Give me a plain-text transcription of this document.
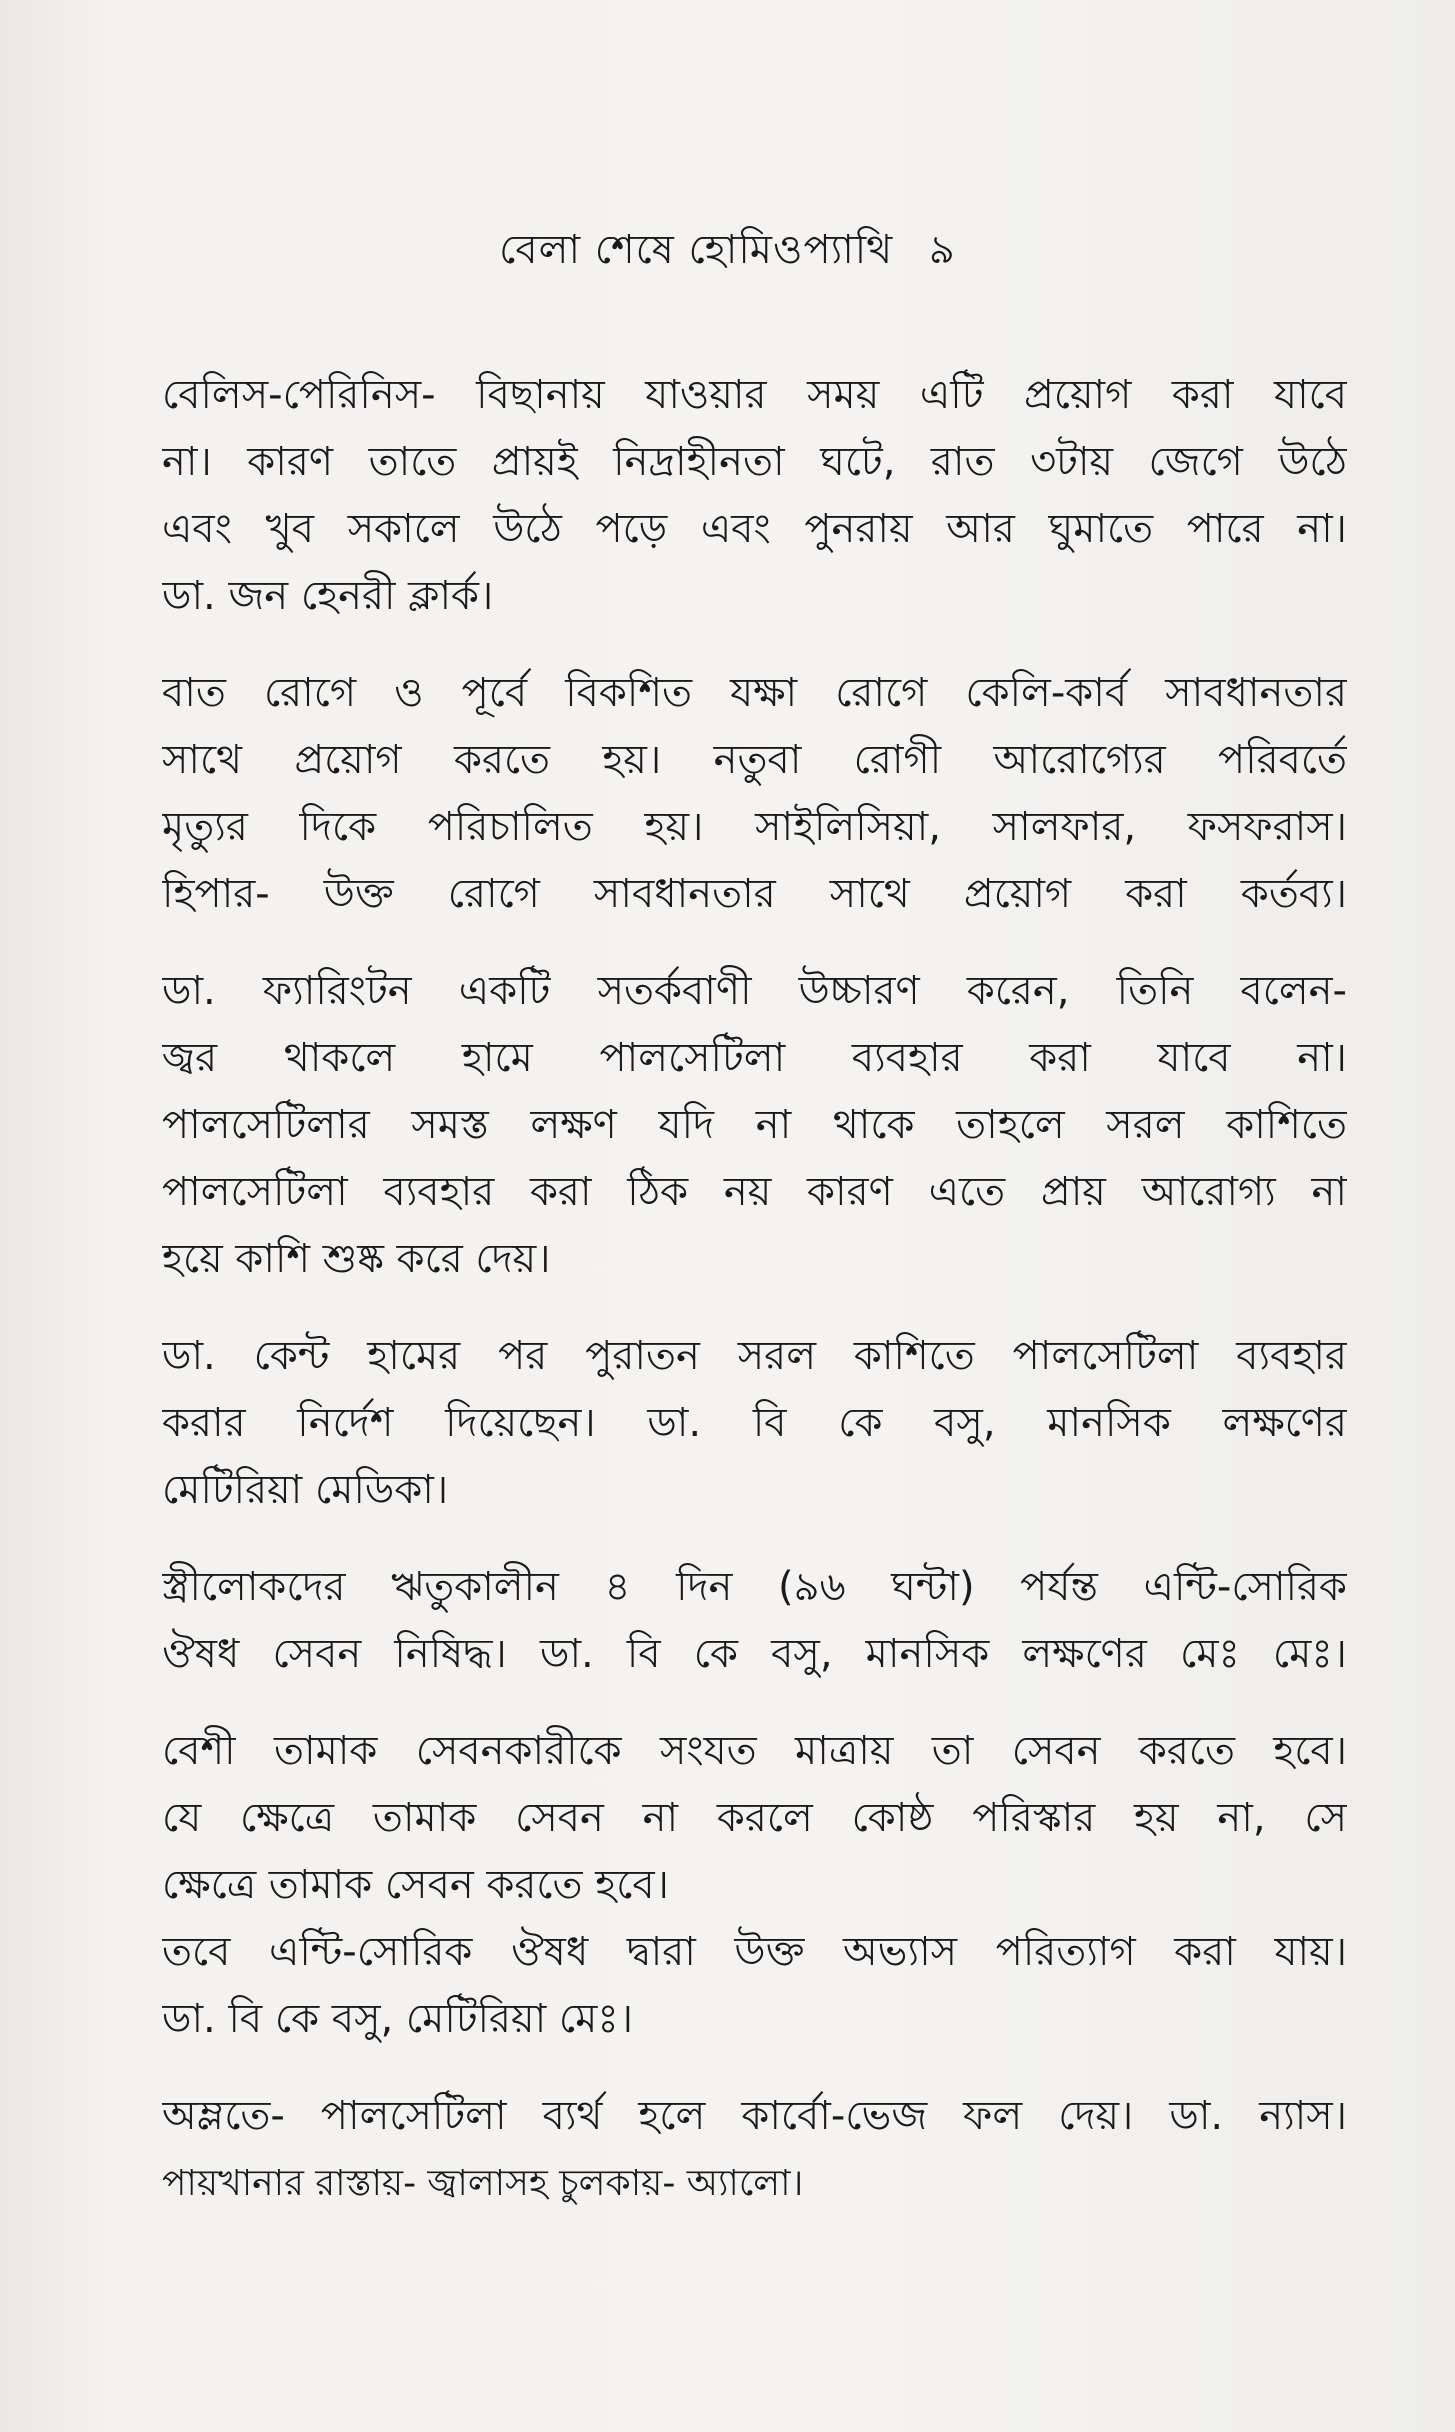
বেলা শেষে হোমিওপ্যাথি ৯
বেলিস-পেরিনিস- বিছানায় যাওয়ার সময় এটি প্রয়োগ করা যাবে
না। কারণ তাতে প্রায়ই নিদ্রাহীনতা ঘটে, রাত ৩টায় জেগে উঠে
এবং খুব সকালে উঠে পড়ে এবং পুনরায় আর ঘুমাতে পারে না।
ডা. জন হেনরী ক্লার্ক।
বাত রোগে ও পূর্বে বিকশিত যক্ষা রোগে কেলি-কার্ব সাবধানতার
সাথে প্রয়োগ করতে হয়। নতুবা রোগী আরোগ্যের পরিবর্তে
মৃত্যুর দিকে পরিচালিত হয়। সাইলিসিয়া, সালফার, ফসফরাস।
হিপার- উক্ত রোগে সাবধানতার সাথে প্রয়োগ করা কর্তব্য।
ডা. ফ্যারিংটন একটি সতর্কবাণী উচ্চারণ করেন, তিনি বলেন-
জ্বর থাকলে হামে পালসেটিলা ব্যবহার করা যাবে না।
পালসেটিলার সমস্ত লক্ষণ যদি না থাকে তাহলে সরল কাশিতে
পালসেটিলা ব্যবহার করা ঠিক নয় কারণ এতে প্রায় আরোগ্য না
হয়ে কাশি শুষ্ক করে দেয়।
ডা. কেন্ট হামের পর পুরাতন সরল কাশিতে পালসেটিলা ব্যবহার
করার নির্দেশ দিয়েছেন। ডা. বি কে বসু, মানসিক লক্ষণের
মেটিরিয়া মেডিকা।
স্ত্রীলোকদের ঋতুকালীন ৪ দিন (৯৬ ঘন্টা) পর্যন্ত এন্টি-সোরিক
ঔষধ সেবন নিষিদ্ধ। ডা. বি কে বসু, মানসিক লক্ষণের মেঃ মেঃ।
বেশী তামাক সেবনকারীকে সংযত মাত্রায় তা সেবন করতে হবে।
যে ক্ষেত্রে তামাক সেবন না করলে কোষ্ঠ পরিস্কার হয় না, সে
ক্ষেত্রে তামাক সেবন করতে হবে।
তবে এন্টি-সোরিক ঔষধ দ্বারা উক্ত অভ্যাস পরিত্যাগ করা যায়।
ডা. বি কে বসু, মেটিরিয়া মেঃ।
অম্লতে- পালসেটিলা ব্যর্থ হলে কার্বো-ভেজ ফল দেয়। ডা. ন্যাস।
পায়খানার রাস্তায়- জ্বালাসহ চুলকায়- অ্যালো।
